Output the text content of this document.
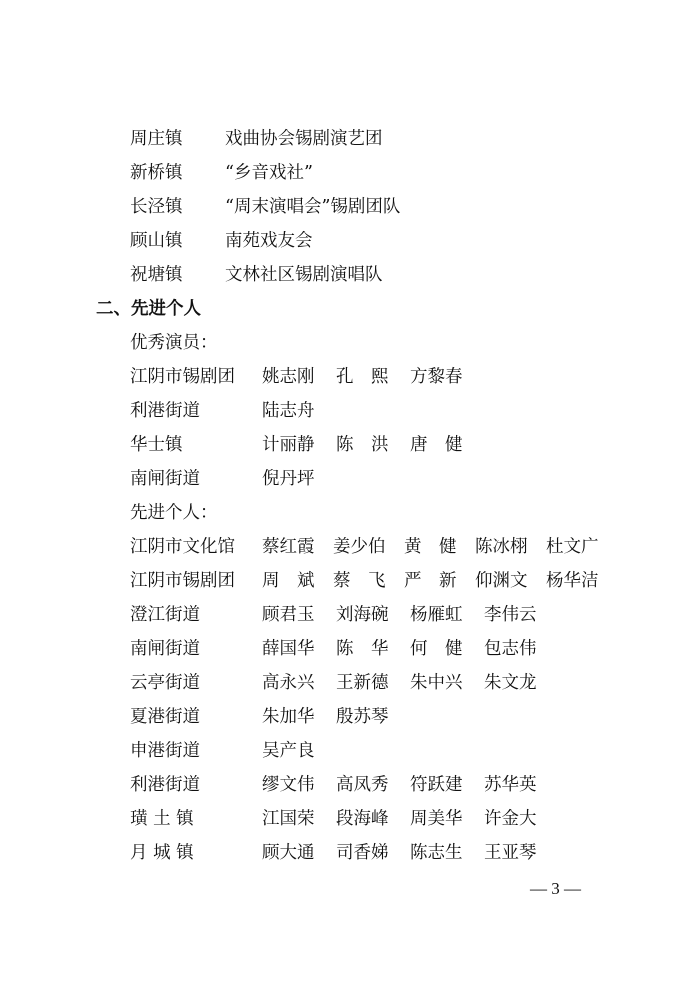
周庄镇 戏曲协会锡剧演艺团
新桥镇 “乡音戏社”
长泾镇 “周末演唱会”锡剧团队
顾山镇 南苑戏友会
祝塘镇 文林社区锡剧演唱队
二、先进个人
优秀演员：
江阴市锡剧团 姚志刚 孔　熙 方黎春
利港街道	陆志舟
华士镇	计丽静 陈　洪 唐　健
南闸街道	倪丹坪
先进个人：
江阴市文化馆 蔡红霞 姜少伯 黄　健 陈冰栩 杜文广
江阴市锡剧团 周　斌 蔡　飞 严　新 仰渊文 杨华洁
澄江街道	顾君玉 刘海碗 杨雁虹 李伟云
南闸街道	薛国华 陈　华 何　健 包志伟
云亭街道	高永兴 王新德 朱中兴 朱文龙
夏港街道	朱加华 殷苏琴
申港街道	吴产良
利港街道	缪文伟 高凤秀 符跃建 苏华英
璜 土 镇	江国荣 段海峰 周美华 许金大
月 城 镇	顾大通 司香娣 陈志生 王亚琴
— 3 —
